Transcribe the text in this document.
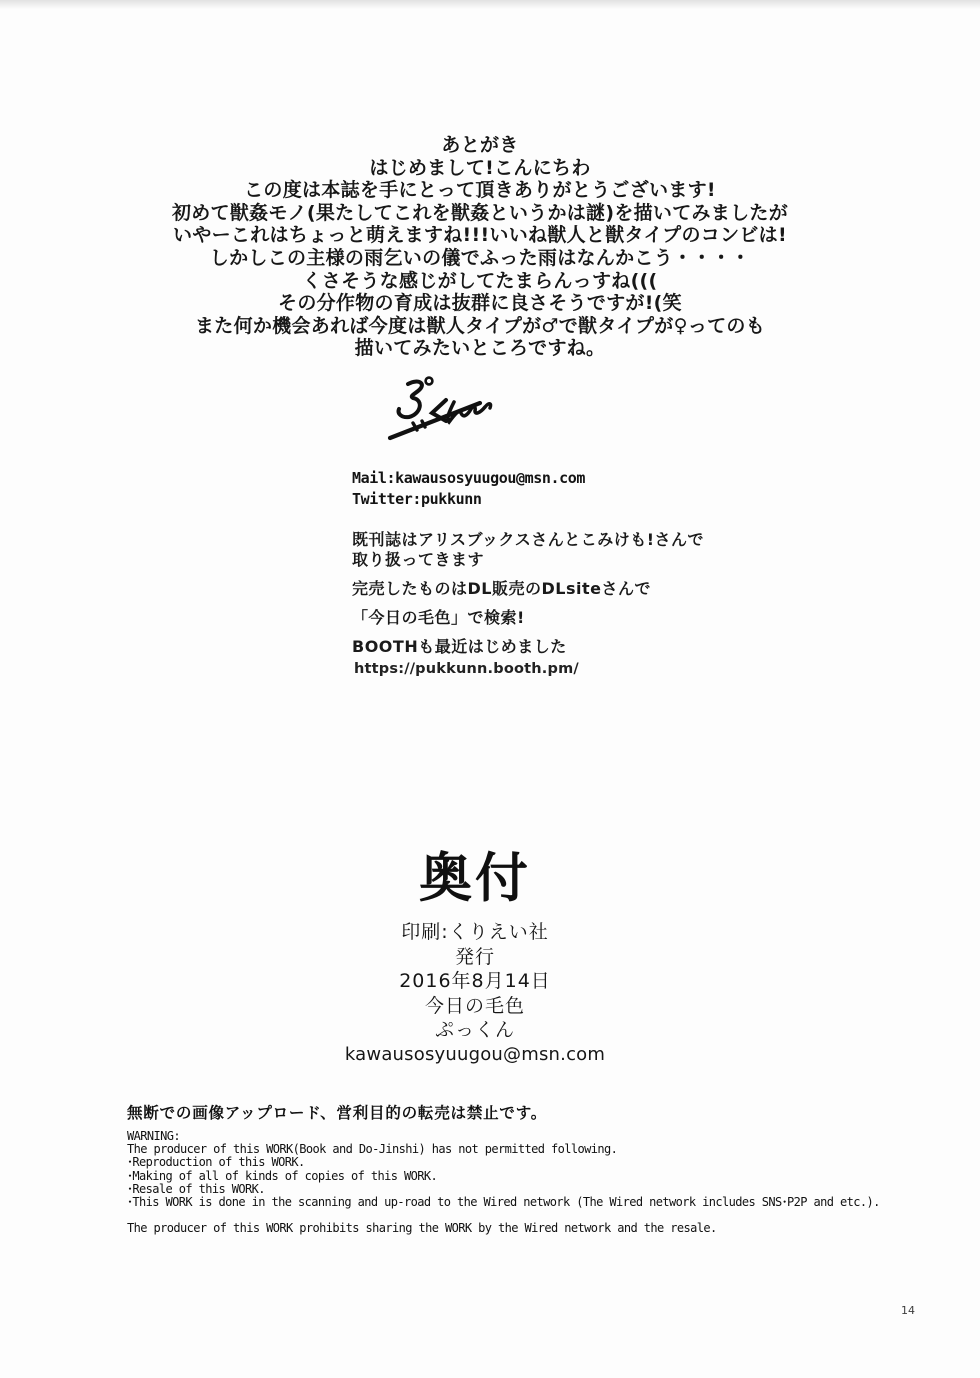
あとがき
はじめまして!こんにちわ
この度は本誌を手にとって頂きありがとうございます!
初めて獣姦モノ(果たしてこれを獣姦というかは謎)を描いてみましたが
いやーこれはちょっと萌えますね!!!いいね獣人と獣タイプのコンビは!
しかしこの主様の雨乞いの儀でふった雨はなんかこう・・・・
くさそうな感じがしてたまらんっすね(((
その分作物の育成は抜群に良さそうですが!(笑
また何か機会あれば今度は獣人タイプが♂で獣タイプが♀ってのも
描いてみたいところですね。
Mail:kawausosyuugou@msn.com
Twitter:pukkunn
既刊誌はアリスブックスさんとこみけも!さんで
取り扱ってきます
完売したものはDL販売のDLsiteさんで
「今日の毛色」で検索!
BOOTHも最近はじめました
https://pukkunn.booth.pm/
奥付
印刷:くりえい社
発行
2016年8月14日
今日の毛色
ぷっくん
kawausosyuugou@msn.com
無断での画像アップロード、営利目的の転売は禁止です。
WARNING:
The producer of this WORK(Book and Do-Jinshi) has not permitted following.
･Reproduction of this WORK.
･Making of all of kinds of copies of this WORK.
･Resale of this WORK.
･This WORK is done in the scanning and up-road to the Wired network (The Wired network includes SNS･P2P and etc.).
The producer of this WORK prohibits sharing the WORK by the Wired network and the resale.
14
